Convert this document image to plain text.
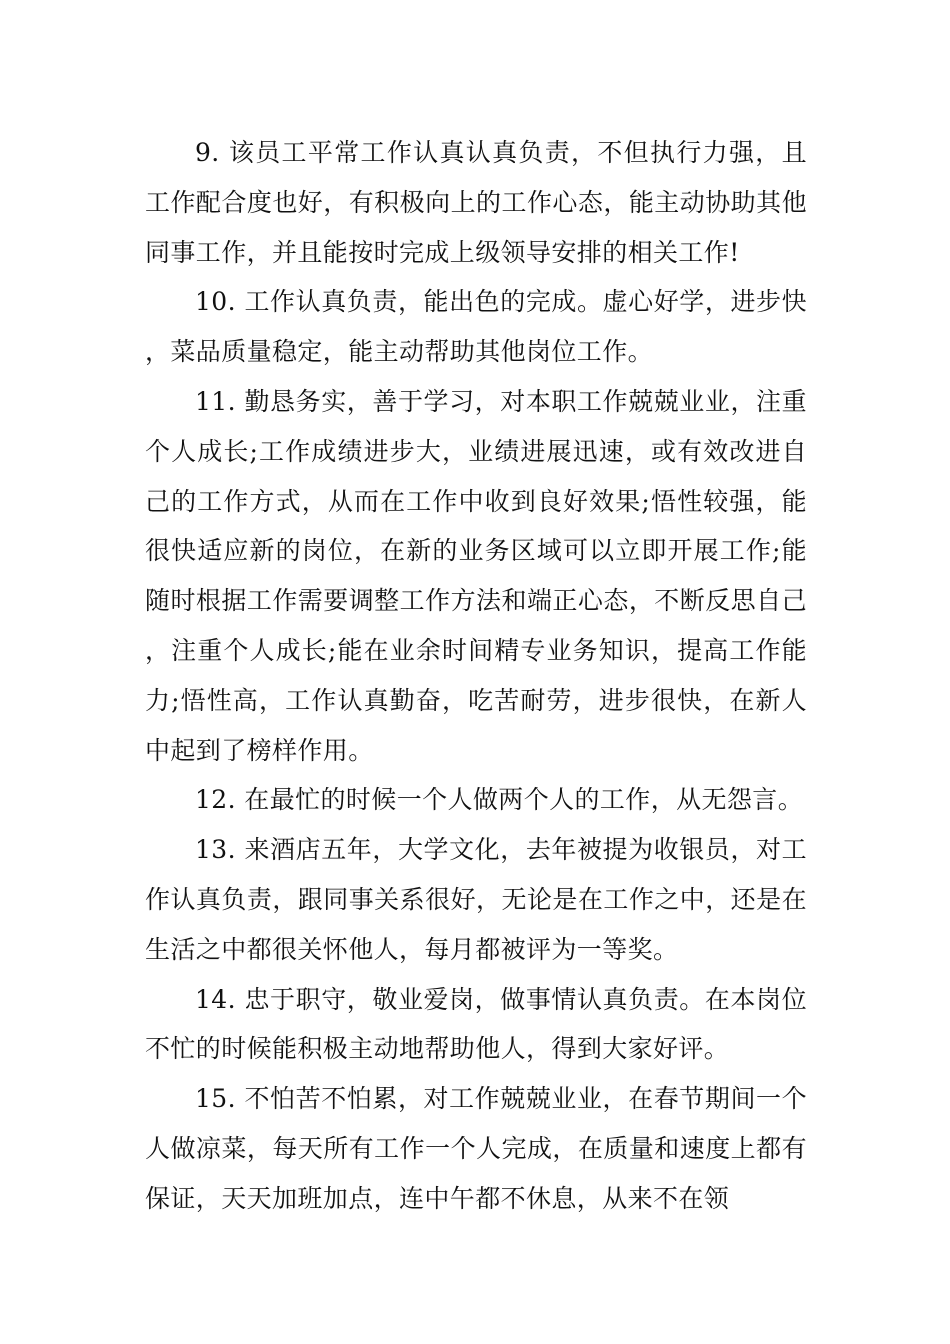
9. 该员工平常工作认真认真负责，不但执行力强，且工作配合度也好，有积极向上的工作心态，能主动协助其他同事工作，并且能按时完成上级领导安排的相关工作!

10. 工作认真负责，能出色的完成。虚心好学，进步快，菜品质量稳定，能主动帮助其他岗位工作。

11. 勤恳务实，善于学习，对本职工作兢兢业业，注重个人成长;工作成绩进步大，业绩进展迅速，或有效改进自己的工作方式，从而在工作中收到良好效果;悟性较强，能很快适应新的岗位，在新的业务区域可以立即开展工作;能随时根据工作需要调整工作方法和端正心态，不断反思自己，注重个人成长;能在业余时间精专业务知识，提高工作能力;悟性高，工作认真勤奋，吃苦耐劳，进步很快，在新人中起到了榜样作用。

12. 在最忙的时候一个人做两个人的工作，从无怨言。

13. 来酒店五年，大学文化，去年被提为收银员，对工作认真负责，跟同事关系很好，无论是在工作之中，还是在生活之中都很关怀他人，每月都被评为一等奖。

14. 忠于职守，敬业爱岗，做事情认真负责。在本岗位不忙的时候能积极主动地帮助他人，得到大家好评。

15. 不怕苦不怕累，对工作兢兢业业，在春节期间一个人做凉菜，每天所有工作一个人完成，在质量和速度上都有保证，天天加班加点，连中午都不休息，从来不在领
